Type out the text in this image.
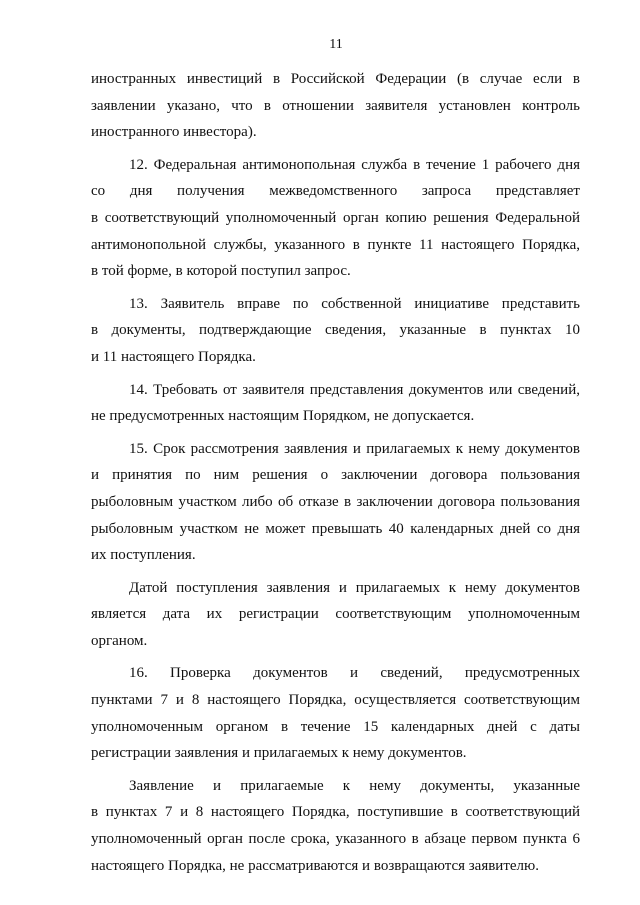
11
иностранных инвестиций в Российской Федерации (в случае если в
заявлении указано, что в отношении заявителя установлен контроль
иностранного инвестора).
12. Федеральная антимонопольная служба в течение 1 рабочего дня
со дня получения межведомственного запроса представляет
в соответствующий уполномоченный орган копию решения Федеральной
антимонопольной службы, указанного в пункте 11 настоящего Порядка,
в той форме, в которой поступил запрос.
13. Заявитель вправе по собственной инициативе представить
в документы, подтверждающие сведения, указанные в пунктах 10
и 11 настоящего Порядка.
14. Требовать от заявителя представления документов или сведений,
не предусмотренных настоящим Порядком, не допускается.
15. Срок рассмотрения заявления и прилагаемых к нему документов
и принятия по ним решения о заключении договора пользования
рыболовным участком либо об отказе в заключении договора пользования
рыболовным участком не может превышать 40 календарных дней со дня
их поступления.
Датой поступления заявления и прилагаемых к нему документов
является дата их регистрации соответствующим уполномоченным
органом.
16. Проверка документов и сведений, предусмотренных
пунктами 7 и 8 настоящего Порядка, осуществляется соответствующим
уполномоченным органом в течение 15 календарных дней с даты
регистрации заявления и прилагаемых к нему документов.
Заявление и прилагаемые к нему документы, указанные
в пунктах 7 и 8 настоящего Порядка, поступившие в соответствующий
уполномоченный орган после срока, указанного в абзаце первом пункта 6
настоящего Порядка, не рассматриваются и возвращаются заявителю.
